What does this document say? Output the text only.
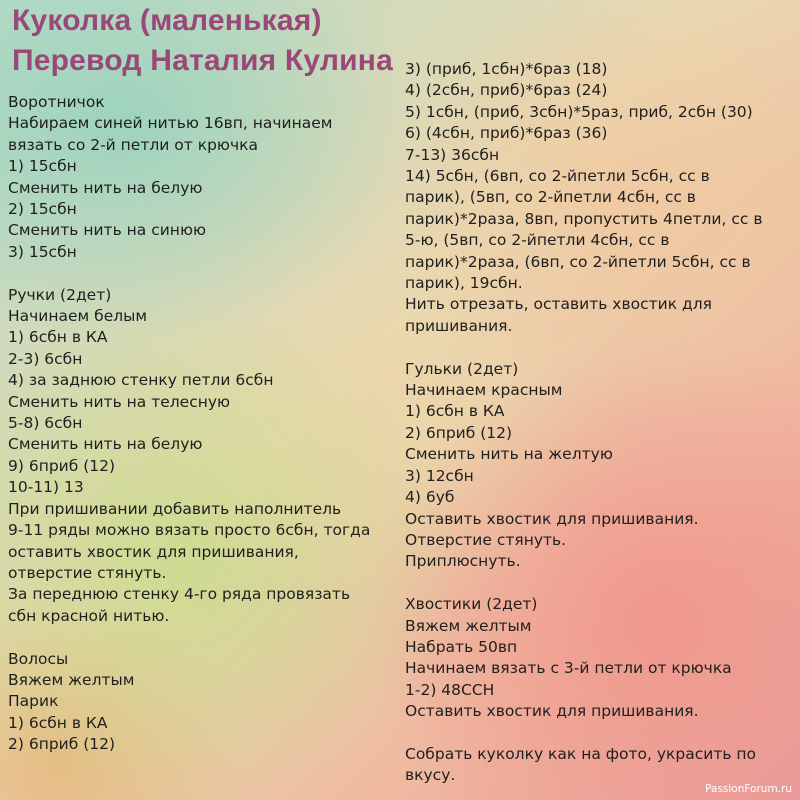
Куколка (маленькая)
Перевод Наталия Кулина
Воротничок
Набираем синей нитью 16вп, начинаем
вязать со 2-й петли от крючка
1) 15сбн
Сменить нить на белую
2) 15сбн
Сменить нить на синюю
3) 15сбн
Ручки (2дет)
Начинаем белым
1) 6сбн в КА
2-3) 6сбн
4) за заднюю стенку петли 6сбн
Сменить нить на телесную
5-8) 6сбн
Сменить нить на белую
9) 6приб (12)
10-11) 13
При пришивании добавить наполнитель
9-11 ряды можно вязать просто 6сбн, тогда
оставить хвостик для пришивания,
отверстие стянуть.
За переднюю стенку 4-го ряда провязать
сбн красной нитью.
Волосы
Вяжем желтым
Парик
1) 6сбн в КА
2) 6приб (12)
3) (приб, 1сбн)*6раз (18)
4) (2сбн, приб)*6раз (24)
5) 1сбн, (приб, 3сбн)*5раз, приб, 2сбн (30)
6) (4сбн, приб)*6раз (36)
7-13) 36сбн
14) 5сбн, (6вп, со 2-йпетли 5сбн, сс в
парик), (5вп, со 2-йпетли 4сбн, сс в
парик)*2раза, 8вп, пропустить 4петли, сс в
5-ю, (5вп, со 2-йпетли 4сбн, сс в
парик)*2раза, (6вп, со 2-йпетли 5сбн, сс в
парик), 19сбн.
Нить отрезать, оставить хвостик для
пришивания.
Гульки (2дет)
Начинаем красным
1) 6сбн в КА
2) 6приб (12)
Сменить нить на желтую
3) 12сбн
4) 6уб
Оставить хвостик для пришивания.
Отверстие стянуть.
Приплюснуть.
Хвостики (2дет)
Вяжем желтым
Набрать 50вп
Начинаем вязать с 3-й петли от крючка
1-2) 48ССН
Оставить хвостик для пришивания.
Собрать куколку как на фото, украсить по
вкусу.
PassionForum.ru
